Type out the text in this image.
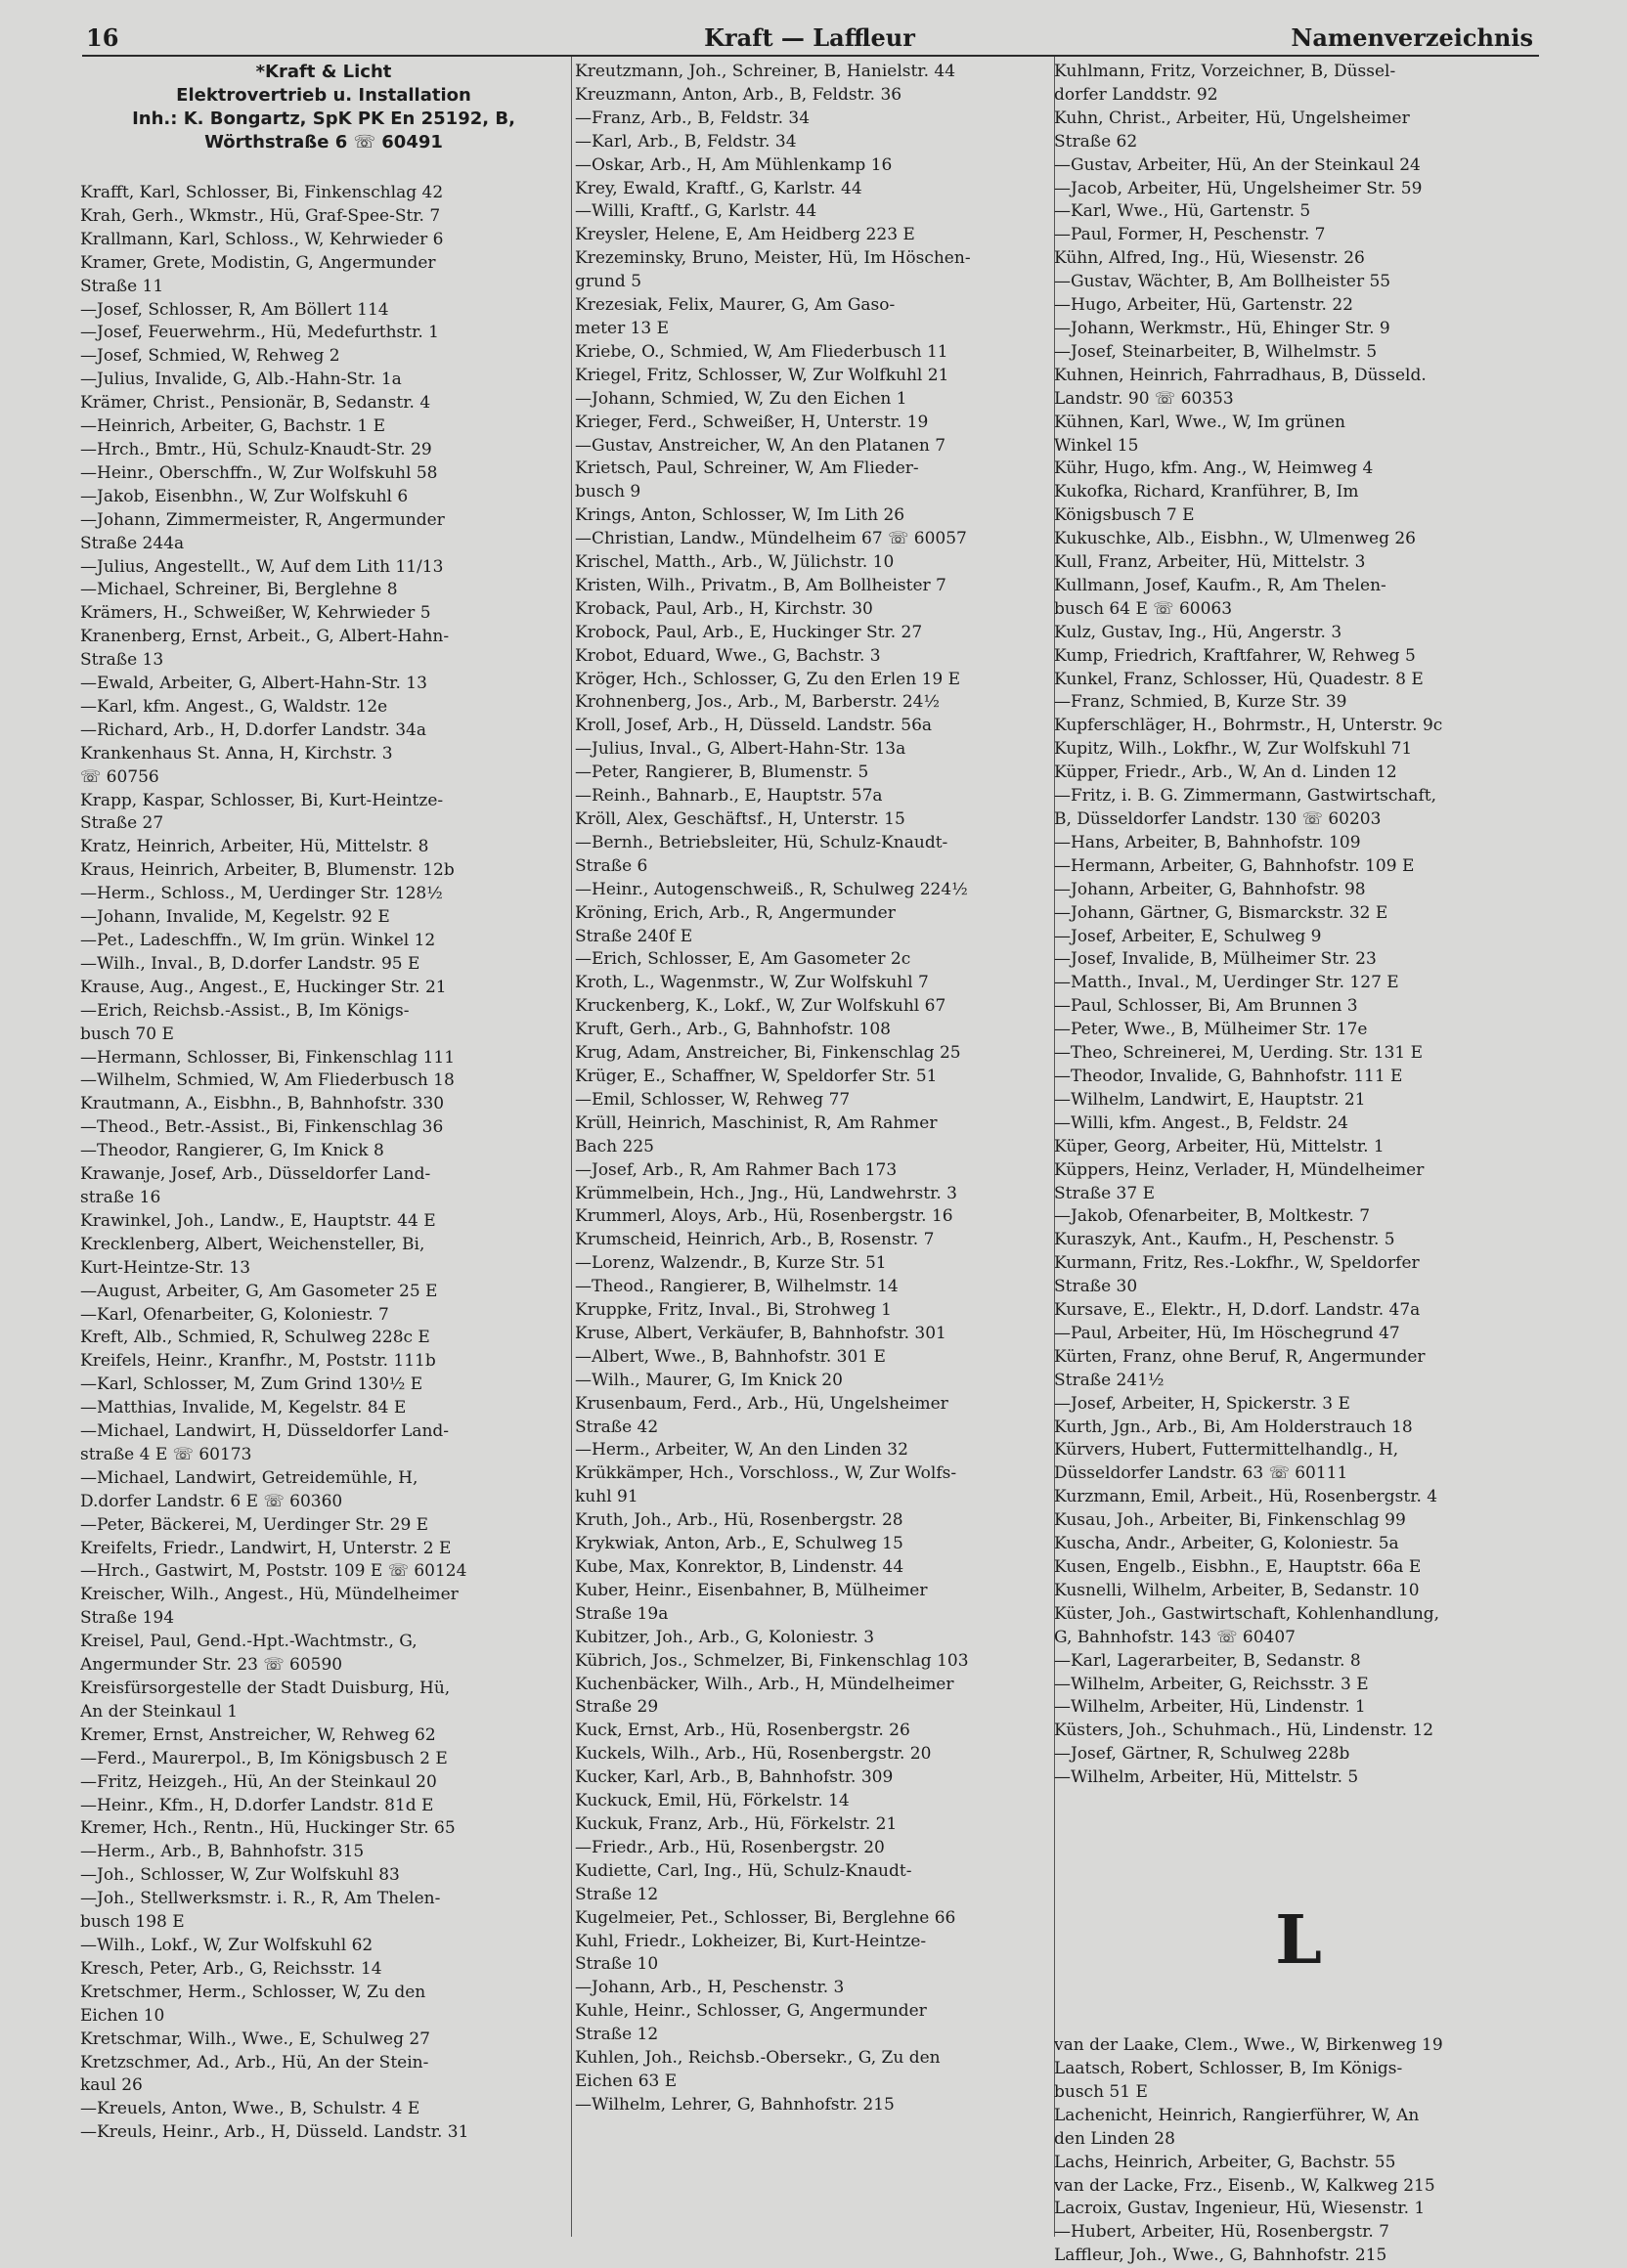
16	Kraft — Laffleur	Namenverzeichnis
*Kraft & Licht
Elektrovertrieb u. Installation
Inh.: K. Bongartz, SpK PK En 25192, B,
Wörthstraße 6 ☏ 60491
Krafft, Karl, Schlosser, Bi, Finkenschlag 42
Krah, Gerh., Wkmstr., Hü, Graf-Spee-Str. 7
Krallmann, Karl, Schloss., W, Kehrwieder 6
Kramer, Grete, Modistin, G, Angermunder
Straße 11
—Josef, Schlosser, R, Am Böllert 114
—Josef, Feuerwehrm., Hü, Medefurthstr. 1
—Josef, Schmied, W, Rehweg 2
—Julius, Invalide, G, Alb.-Hahn-Str. 1a
Krämer, Christ., Pensionär, B, Sedanstr. 4
—Heinrich, Arbeiter, G, Bachstr. 1 E
—Hrch., Bmtr., Hü, Schulz-Knaudt-Str. 29
—Heinr., Oberschffn., W, Zur Wolfskuhl 58
—Jakob, Eisenbhn., W, Zur Wolfskuhl 6
—Johann, Zimmermeister, R, Angermunder
Straße 244a
—Julius, Angestellt., W, Auf dem Lith 11/13
—Michael, Schreiner, Bi, Berglehne 8
Krämers, H., Schweißer, W, Kehrwieder 5
Kranenberg, Ernst, Arbeit., G, Albert-Hahn-
Straße 13
—Ewald, Arbeiter, G, Albert-Hahn-Str. 13
—Karl, kfm. Angest., G, Waldstr. 12e
—Richard, Arb., H, D.dorfer Landstr. 34a
Krankenhaus St. Anna, H, Kirchstr. 3
☏ 60756
Krapp, Kaspar, Schlosser, Bi, Kurt-Heintze-
Straße 27
Kratz, Heinrich, Arbeiter, Hü, Mittelstr. 8
Kraus, Heinrich, Arbeiter, B, Blumenstr. 12b
—Herm., Schloss., M, Uerdinger Str. 128½
—Johann, Invalide, M, Kegelstr. 92 E
—Pet., Ladeschffn., W, Im grün. Winkel 12
—Wilh., Inval., B, D.dorfer Landstr. 95 E
Krause, Aug., Angest., E, Huckinger Str. 21
—Erich, Reichsb.-Assist., B, Im Königs-
busch 70 E
—Hermann, Schlosser, Bi, Finkenschlag 111
—Wilhelm, Schmied, W, Am Fliederbusch 18
Krautmann, A., Eisbhn., B, Bahnhofstr. 330
—Theod., Betr.-Assist., Bi, Finkenschlag 36
—Theodor, Rangierer, G, Im Knick 8
Krawanje, Josef, Arb., Düsseldorfer Land-
straße 16
Krawinkel, Joh., Landw., E, Hauptstr. 44 E
Krecklenberg, Albert, Weichensteller, Bi,
Kurt-Heintze-Str. 13
—August, Arbeiter, G, Am Gasometer 25 E
—Karl, Ofenarbeiter, G, Koloniestr. 7
Kreft, Alb., Schmied, R, Schulweg 228c E
Kreifels, Heinr., Kranfhr., M, Poststr. 111b
—Karl, Schlosser, M, Zum Grind 130½ E
—Matthias, Invalide, M, Kegelstr. 84 E
—Michael, Landwirt, H, Düsseldorfer Land-
straße 4 E ☏ 60173
—Michael, Landwirt, Getreidemühle, H,
D.dorfer Landstr. 6 E ☏ 60360
—Peter, Bäckerei, M, Uerdinger Str. 29 E
Kreifelts, Friedr., Landwirt, H, Unterstr. 2 E
—Hrch., Gastwirt, M, Poststr. 109 E ☏ 60124
Kreischer, Wilh., Angest., Hü, Mündelheimer
Straße 194
Kreisel, Paul, Gend.-Hpt.-Wachtmstr., G,
Angermunder Str. 23 ☏ 60590
Kreisfürsorgestelle der Stadt Duisburg, Hü,
An der Steinkaul 1
Kremer, Ernst, Anstreicher, W, Rehweg 62
—Ferd., Maurerpol., B, Im Königsbusch 2 E
—Fritz, Heizgeh., Hü, An der Steinkaul 20
—Heinr., Kfm., H, D.dorfer Landstr. 81d E
Kremer, Hch., Rentn., Hü, Huckinger Str. 65
—Herm., Arb., B, Bahnhofstr. 315
—Joh., Schlosser, W, Zur Wolfskuhl 83
—Joh., Stellwerksmstr. i. R., R, Am Thelen-
busch 198 E
—Wilh., Lokf., W, Zur Wolfskuhl 62
Kresch, Peter, Arb., G, Reichsstr. 14
Kretschmer, Herm., Schlosser, W, Zu den
Eichen 10
Kretschmar, Wilh., Wwe., E, Schulweg 27
Kretzschmer, Ad., Arb., Hü, An der Stein-
kaul 26
—Kreuels, Anton, Wwe., B, Schulstr. 4 E
—Kreuls, Heinr., Arb., H, Düsseld. Landstr. 31
Kreutzmann, Joh., Schreiner, B, Hanielstr. 44
Kreuzmann, Anton, Arb., B, Feldstr. 36
—Franz, Arb., B, Feldstr. 34
—Karl, Arb., B, Feldstr. 34
—Oskar, Arb., H, Am Mühlenkamp 16
Krey, Ewald, Kraftf., G, Karlstr. 44
—Willi, Kraftf., G, Karlstr. 44
Kreysler, Helene, E, Am Heidberg 223 E
Krezeminsky, Bruno, Meister, Hü, Im Höschen-
grund 5
Krezesiak, Felix, Maurer, G, Am Gaso-
meter 13 E
Kriebe, O., Schmied, W, Am Fliederbusch 11
Kriegel, Fritz, Schlosser, W, Zur Wolfkuhl 21
—Johann, Schmied, W, Zu den Eichen 1
Krieger, Ferd., Schweißer, H, Unterstr. 19
—Gustav, Anstreicher, W, An den Platanen 7
Krietsch, Paul, Schreiner, W, Am Flieder-
busch 9
Krings, Anton, Schlosser, W, Im Lith 26
—Christian, Landw., Mündelheim 67 ☏ 60057
Krischel, Matth., Arb., W, Jülichstr. 10
Kristen, Wilh., Privatm., B, Am Bollheister 7
Kroback, Paul, Arb., H, Kirchstr. 30
Krobock, Paul, Arb., E, Huckinger Str. 27
Krobot, Eduard, Wwe., G, Bachstr. 3
Kröger, Hch., Schlosser, G, Zu den Erlen 19 E
Krohnenberg, Jos., Arb., M, Barberstr. 24½
Kroll, Josef, Arb., H, Düsseld. Landstr. 56a
—Julius, Inval., G, Albert-Hahn-Str. 13a
—Peter, Rangierer, B, Blumenstr. 5
—Reinh., Bahnarb., E, Hauptstr. 57a
Kröll, Alex, Geschäftsf., H, Unterstr. 15
—Bernh., Betriebsleiter, Hü, Schulz-Knaudt-
Straße 6
—Heinr., Autogenschweiß., R, Schulweg 224½
Kröning, Erich, Arb., R, Angermunder
Straße 240f E
—Erich, Schlosser, E, Am Gasometer 2c
Kroth, L., Wagenmstr., W, Zur Wolfskuhl 7
Kruckenberg, K., Lokf., W, Zur Wolfskuhl 67
Kruft, Gerh., Arb., G, Bahnhofstr. 108
Krug, Adam, Anstreicher, Bi, Finkenschlag 25
Krüger, E., Schaffner, W, Speldorfer Str. 51
—Emil, Schlosser, W, Rehweg 77
Krüll, Heinrich, Maschinist, R, Am Rahmer
Bach 225
—Josef, Arb., R, Am Rahmer Bach 173
Krümmelbein, Hch., Jng., Hü, Landwehrstr. 3
Krummerl, Aloys, Arb., Hü, Rosenbergstr. 16
Krumscheid, Heinrich, Arb., B, Rosenstr. 7
—Lorenz, Walzendr., B, Kurze Str. 51
—Theod., Rangierer, B, Wilhelmstr. 14
Kruppke, Fritz, Inval., Bi, Strohweg 1
Kruse, Albert, Verkäufer, B, Bahnhofstr. 301
—Albert, Wwe., B, Bahnhofstr. 301 E
—Wilh., Maurer, G, Im Knick 20
Krusenbaum, Ferd., Arb., Hü, Ungelsheimer
Straße 42
—Herm., Arbeiter, W, An den Linden 32
Krükkämper, Hch., Vorschloss., W, Zur Wolfs-
kuhl 91
Kruth, Joh., Arb., Hü, Rosenbergstr. 28
Krykwiak, Anton, Arb., E, Schulweg 15
Kube, Max, Konrektor, B, Lindenstr. 44
Kuber, Heinr., Eisenbahner, B, Mülheimer
Straße 19a
Kubitzer, Joh., Arb., G, Koloniestr. 3
Kübrich, Jos., Schmelzer, Bi, Finkenschlag 103
Kuchenbäcker, Wilh., Arb., H, Mündelheimer
Straße 29
Kuck, Ernst, Arb., Hü, Rosenbergstr. 26
Kuckels, Wilh., Arb., Hü, Rosenbergstr. 20
Kucker, Karl, Arb., B, Bahnhofstr. 309
Kuckuck, Emil, Hü, Förkelstr. 14
Kuckuk, Franz, Arb., Hü, Förkelstr. 21
—Friedr., Arb., Hü, Rosenbergstr. 20
Kudiette, Carl, Ing., Hü, Schulz-Knaudt-
Straße 12
Kugelmeier, Pet., Schlosser, Bi, Berglehne 66
Kuhl, Friedr., Lokheizer, Bi, Kurt-Heintze-
Straße 10
—Johann, Arb., H, Peschenstr. 3
Kuhle, Heinr., Schlosser, G, Angermunder
Straße 12
Kuhlen, Joh., Reichsb.-Obersekr., G, Zu den
Eichen 63 E
—Wilhelm, Lehrer, G, Bahnhofstr. 215
Kuhlmann, Fritz, Vorzeichner, B, Düssel-
dorfer Landdstr. 92
Kuhn, Christ., Arbeiter, Hü, Ungelsheimer
Straße 62
—Gustav, Arbeiter, Hü, An der Steinkaul 24
—Jacob, Arbeiter, Hü, Ungelsheimer Str. 59
—Karl, Wwe., Hü, Gartenstr. 5
—Paul, Former, H, Peschenstr. 7
Kühn, Alfred, Ing., Hü, Wiesenstr. 26
—Gustav, Wächter, B, Am Bollheister 55
—Hugo, Arbeiter, Hü, Gartenstr. 22
—Johann, Werkmstr., Hü, Ehinger Str. 9
—Josef, Steinarbeiter, B, Wilhelmstr. 5
Kuhnen, Heinrich, Fahrradhaus, B, Düsseld.
Landstr. 90 ☏ 60353
Kühnen, Karl, Wwe., W, Im grünen
Winkel 15
Kühr, Hugo, kfm. Ang., W, Heimweg 4
Kukofka, Richard, Kranführer, B, Im
Königsbusch 7 E
Kukuschke, Alb., Eisbhn., W, Ulmenweg 26
Kull, Franz, Arbeiter, Hü, Mittelstr. 3
Kullmann, Josef, Kaufm., R, Am Thelen-
busch 64 E ☏ 60063
Kulz, Gustav, Ing., Hü, Angerstr. 3
Kump, Friedrich, Kraftfahrer, W, Rehweg 5
Kunkel, Franz, Schlosser, Hü, Quadestr. 8 E
—Franz, Schmied, B, Kurze Str. 39
Kupferschläger, H., Bohrmstr., H, Unterstr. 9c
Kupitz, Wilh., Lokfhr., W, Zur Wolfskuhl 71
Küpper, Friedr., Arb., W, An d. Linden 12
—Fritz, i. B. G. Zimmermann, Gastwirtschaft,
B, Düsseldorfer Landstr. 130 ☏ 60203
—Hans, Arbeiter, B, Bahnhofstr. 109
—Hermann, Arbeiter, G, Bahnhofstr. 109 E
—Johann, Arbeiter, G, Bahnhofstr. 98
—Johann, Gärtner, G, Bismarckstr. 32 E
—Josef, Arbeiter, E, Schulweg 9
—Josef, Invalide, B, Mülheimer Str. 23
—Matth., Inval., M, Uerdinger Str. 127 E
—Paul, Schlosser, Bi, Am Brunnen 3
—Peter, Wwe., B, Mülheimer Str. 17e
—Theo, Schreinerei, M, Uerding. Str. 131 E
—Theodor, Invalide, G, Bahnhofstr. 111 E
—Wilhelm, Landwirt, E, Hauptstr. 21
—Willi, kfm. Angest., B, Feldstr. 24
Küper, Georg, Arbeiter, Hü, Mittelstr. 1
Küppers, Heinz, Verlader, H, Mündelheimer
Straße 37 E
—Jakob, Ofenarbeiter, B, Moltkestr. 7
Kuraszyk, Ant., Kaufm., H, Peschenstr. 5
Kurmann, Fritz, Res.-Lokfhr., W, Speldorfer
Straße 30
Kursave, E., Elektr., H, D.dorf. Landstr. 47a
—Paul, Arbeiter, Hü, Im Höschegrund 47
Kürten, Franz, ohne Beruf, R, Angermunder
Straße 241½
—Josef, Arbeiter, H, Spickerstr. 3 E
Kurth, Jgn., Arb., Bi, Am Holderstrauch 18
Kürvers, Hubert, Futtermittelhandlg., H,
Düsseldorfer Landstr. 63 ☏ 60111
Kurzmann, Emil, Arbeit., Hü, Rosenbergstr. 4
Kusau, Joh., Arbeiter, Bi, Finkenschlag 99
Kuscha, Andr., Arbeiter, G, Koloniestr. 5a
Kusen, Engelb., Eisbhn., E, Hauptstr. 66a E
Kusnelli, Wilhelm, Arbeiter, B, Sedanstr. 10
Küster, Joh., Gastwirtschaft, Kohlenhandlung,
G, Bahnhofstr. 143 ☏ 60407
—Karl, Lagerarbeiter, B, Sedanstr. 8
—Wilhelm, Arbeiter, G, Reichsstr. 3 E
—Wilhelm, Arbeiter, Hü, Lindenstr. 1
Küsters, Joh., Schuhmach., Hü, Lindenstr. 12
—Josef, Gärtner, R, Schulweg 228b
—Wilhelm, Arbeiter, Hü, Mittelstr. 5
L
van der Laake, Clem., Wwe., W, Birkenweg 19
Laatsch, Robert, Schlosser, B, Im Königs-
busch 51 E
Lachenicht, Heinrich, Rangierführer, W, An
den Linden 28
Lachs, Heinrich, Arbeiter, G, Bachstr. 55
van der Lacke, Frz., Eisenb., W, Kalkweg 215
Lacroix, Gustav, Ingenieur, Hü, Wiesenstr. 1
—Hubert, Arbeiter, Hü, Rosenbergstr. 7
Laffleur, Joh., Wwe., G, Bahnhofstr. 215
